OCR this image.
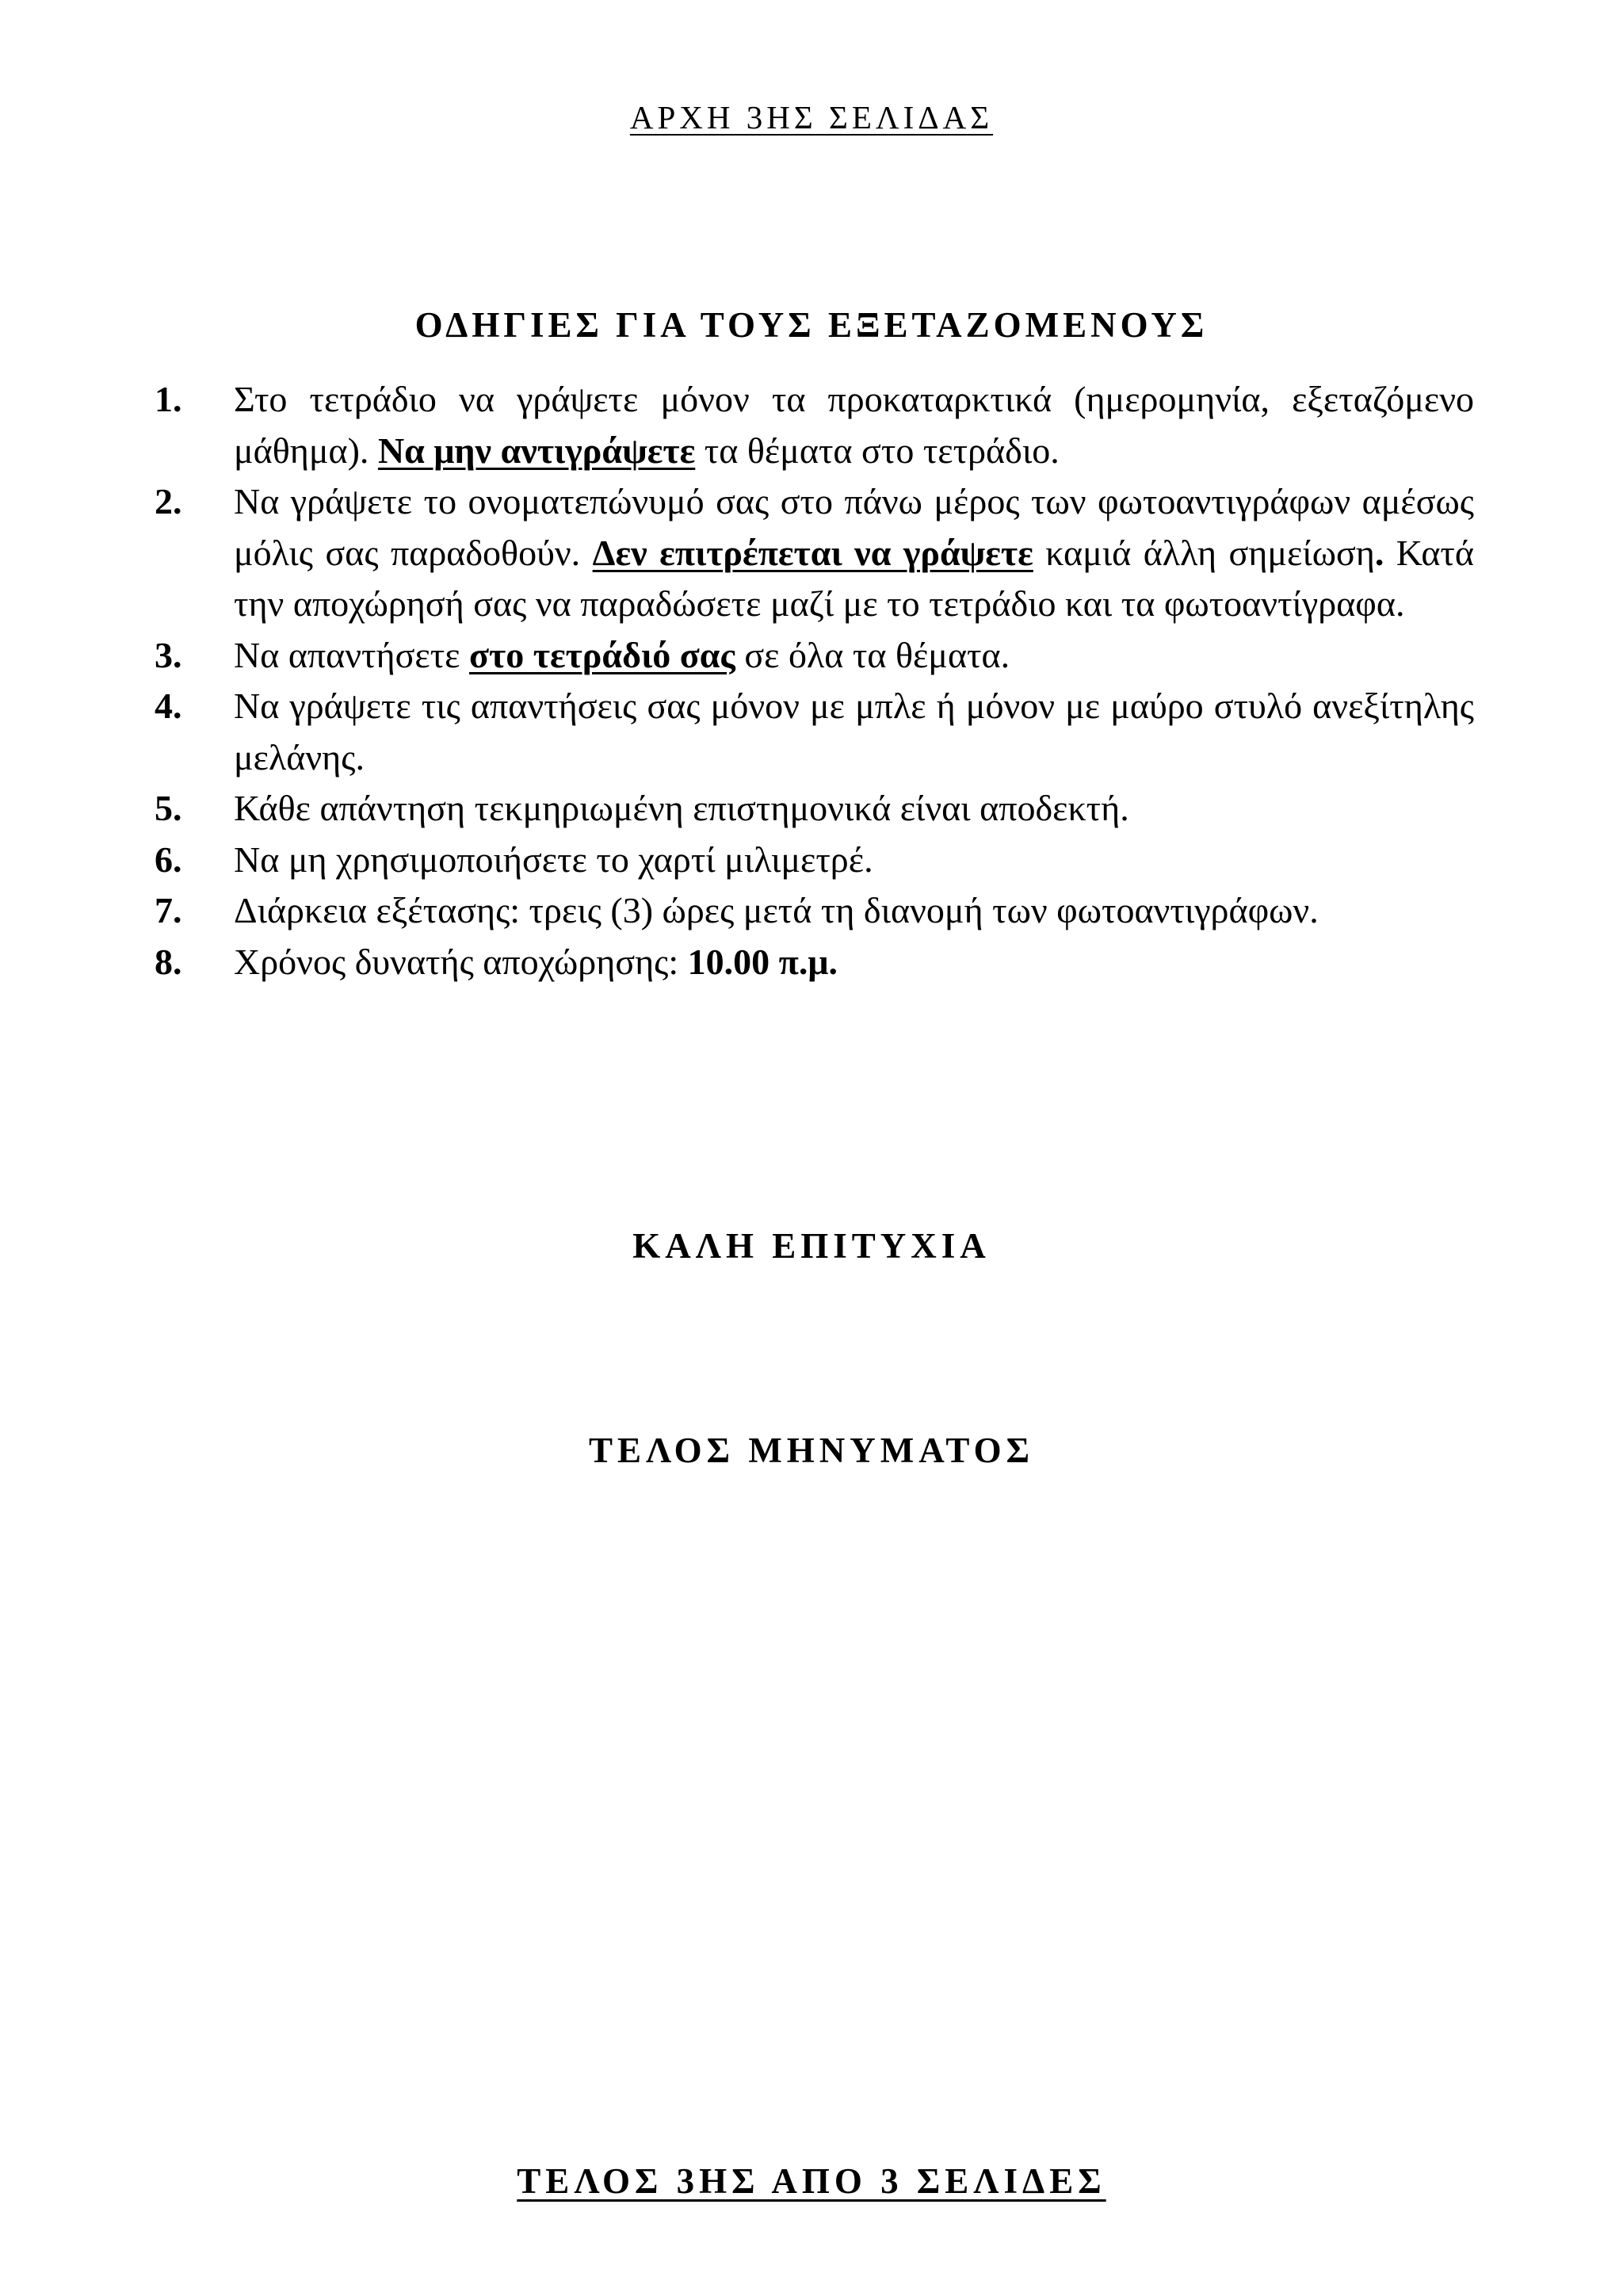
ΑΡΧΗ 3ΗΣ ΣΕΛΙΔΑΣ
ΟΔΗΓΙΕΣ ΓΙΑ ΤΟΥΣ ΕΞΕΤΑΖΟΜΕΝΟΥΣ
1. Στο τετράδιο να γράψετε μόνον τα προκαταρκτικά (ημερομηνία, εξεταζόμενο μάθημα). Να μην αντιγράψετε τα θέματα στο τετράδιο.
2. Να γράψετε το ονοματεπώνυμό σας στο πάνω μέρος των φωτοαντιγράφων αμέσως μόλις σας παραδοθούν. Δεν επιτρέπεται να γράψετε καμιά άλλη σημείωση. Κατά την αποχώρησή σας να παραδώσετε μαζί με το τετράδιο και τα φωτοαντίγραφα.
3. Να απαντήσετε στο τετράδιό σας σε όλα τα θέματα.
4. Να γράψετε τις απαντήσεις σας μόνον με μπλε ή μόνον με μαύρο στυλό ανεξίτηλης μελάνης.
5. Κάθε απάντηση τεκμηριωμένη επιστημονικά είναι αποδεκτή.
6. Να μη χρησιμοποιήσετε το χαρτί μιλιμετρέ.
7. Διάρκεια εξέτασης: τρεις (3) ώρες μετά τη διανομή των φωτοαντιγράφων.
8. Χρόνος δυνατής αποχώρησης: 10.00 π.μ.
ΚΑΛΗ ΕΠΙΤΥΧΙΑ
ΤΕΛΟΣ ΜΗΝΥΜΑΤΟΣ
ΤΕΛΟΣ 3ΗΣ ΑΠΟ 3 ΣΕΛΙΔΕΣ
